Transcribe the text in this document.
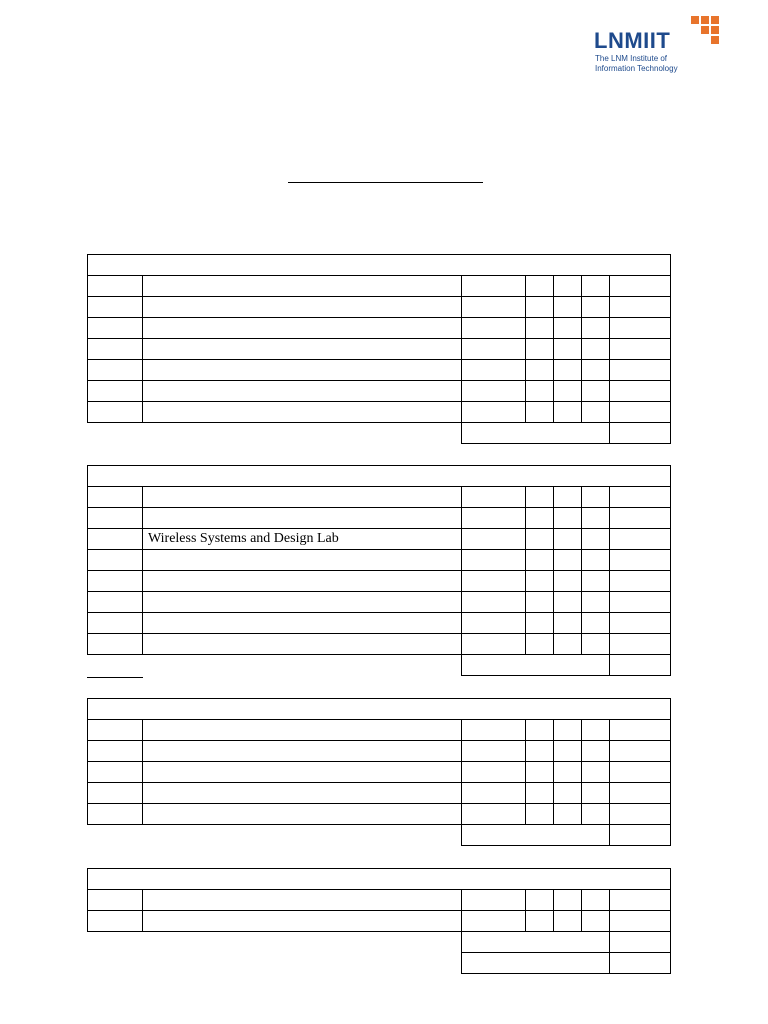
LNMIIT
The LNM Institute of
Information Technology

	Wireless Systems and Design Lab					
